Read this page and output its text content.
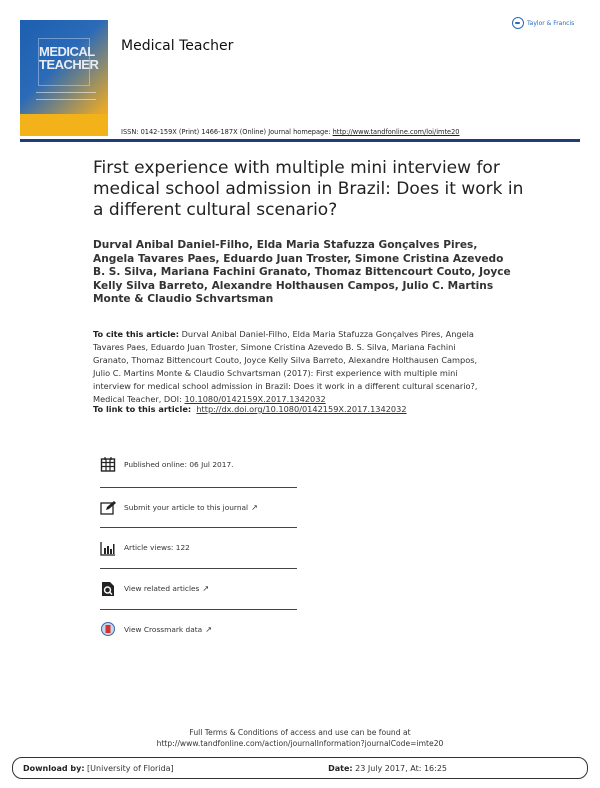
MEDICAL
TEACHER
Medical Teacher
Taylor & Francis
ISSN: 0142-159X (Print) 1466-187X (Online) Journal homepage: http://www.tandfonline.com/loi/imte20
First experience with multiple mini interview for medical school admission in Brazil: Does it work in a different cultural scenario?
Durval Anibal Daniel-Filho, Elda Maria Stafuzza Gonçalves Pires, Angela Tavares Paes, Eduardo Juan Troster, Simone Cristina Azevedo B. S. Silva, Mariana Fachini Granato, Thomaz Bittencourt Couto, Joyce Kelly Silva Barreto, Alexandre Holthausen Campos, Julio C. Martins Monte & Claudio Schvartsman
To cite this article: Durval Anibal Daniel-Filho, Elda Maria Stafuzza Gonçalves Pires, Angela Tavares Paes, Eduardo Juan Troster, Simone Cristina Azevedo B. S. Silva, Mariana Fachini Granato, Thomaz Bittencourt Couto, Joyce Kelly Silva Barreto, Alexandre Holthausen Campos, Julio C. Martins Monte & Claudio Schvartsman (2017): First experience with multiple mini interview for medical school admission in Brazil: Does it work in a different cultural scenario?, Medical Teacher, DOI: 10.1080/0142159X.2017.1342032
To link to this article: http://dx.doi.org/10.1080/0142159X.2017.1342032
Published online: 06 Jul 2017.
Submit your article to this journal ↗
Article views: 122
View related articles ↗
View Crossmark data ↗
Full Terms & Conditions of access and use can be found at
http://www.tandfonline.com/action/journalInformation?journalCode=imte20
Download by: [University of Florida]	Date: 23 July 2017, At: 16:25
